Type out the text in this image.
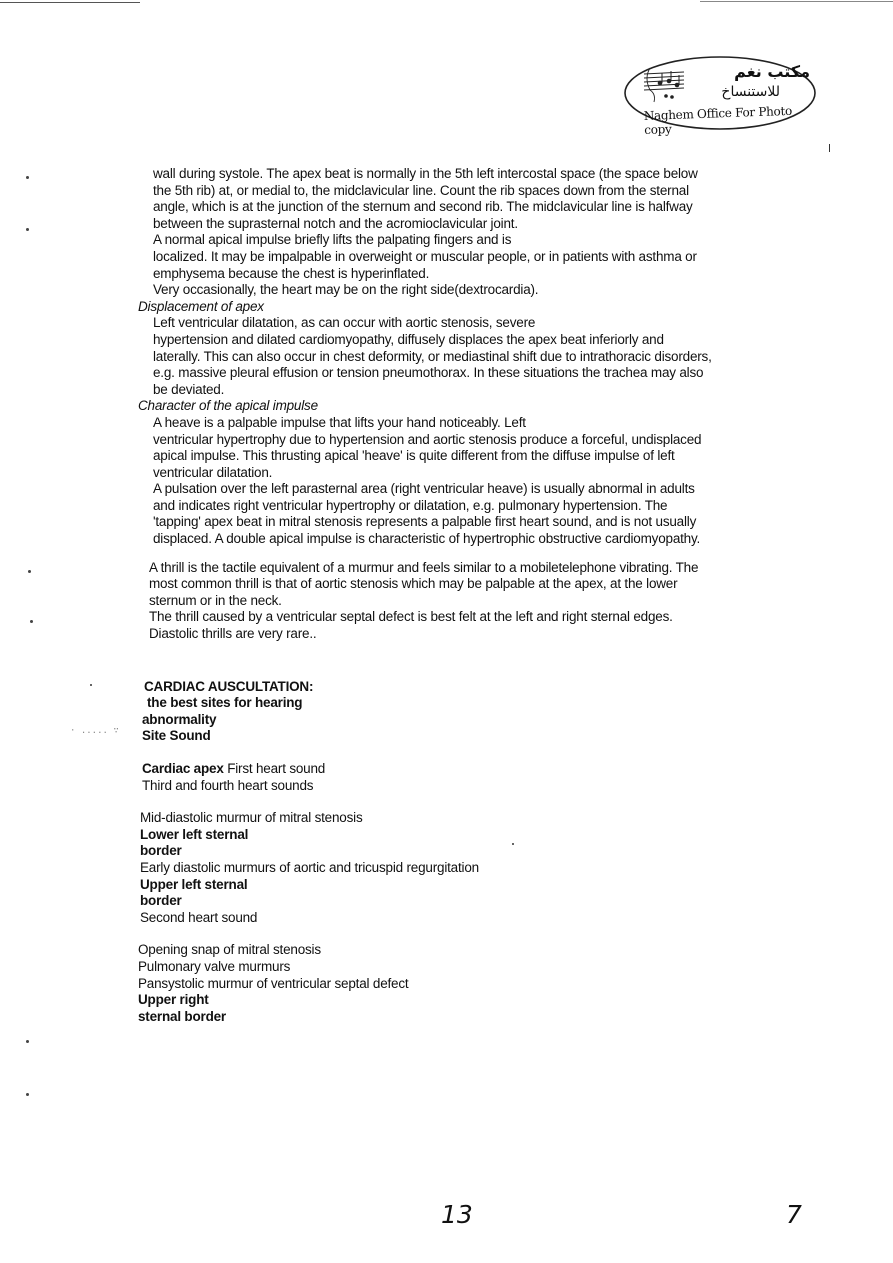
مكتب نغم
للاستنساخ
Naghem Office For Photo copy
· ..... ∵

wall during systole. The apex beat is normally in the 5th left intercostal space (the space below

the 5th rib) at, or medial to, the midclavicular line. Count the rib spaces down from the sternal

angle, which is at the junction of the sternum and second rib. The midclavicular line is halfway

between the suprasternal notch and the acromioclavicular joint.

A normal apical impulse briefly lifts the palpating fingers and is

localized. It may be impalpable in overweight or muscular people, or in patients with asthma or

emphysema because the chest is hyperinflated.

Very occasionally, the heart may be on the right side(dextrocardia).

Displacement of apex

Left ventricular dilatation, as can occur with aortic stenosis, severe

hypertension and dilated cardiomyopathy, diffusely displaces the apex beat inferiorly and

laterally. This can also occur in chest deformity, or mediastinal shift due to intrathoracic disorders,

e.g. massive pleural effusion or tension pneumothorax. In these situations the trachea may also

be deviated.

Character of the apical impulse

A heave is a palpable impulse that lifts your hand noticeably. Left

ventricular hypertrophy due to hypertension and aortic stenosis produce a forceful, undisplaced

apical impulse. This thrusting apical 'heave' is quite different from the diffuse impulse of left

ventricular dilatation.

A pulsation over the left parasternal area (right ventricular heave) is usually abnormal in adults

and indicates right ventricular hypertrophy or dilatation, e.g. pulmonary hypertension. The

'tapping' apex beat in mitral stenosis represents a palpable first heart sound, and is not usually

displaced. A double apical impulse is characteristic of hypertrophic obstructive cardiomyopathy.

A thrill is the tactile equivalent of a murmur and feels similar to a mobiletelephone vibrating. The

most common thrill is that of aortic stenosis which may be palpable at the apex, at the lower

sternum or in the neck.

The thrill caused by a ventricular septal defect is best felt at the left and right sternal edges.

Diastolic thrills are very rare..

CARDIAC AUSCULTATION:

the best sites for hearing

abnormality

Site Sound

Cardiac apex First heart sound

Third and fourth heart sounds

Mid-diastolic murmur of mitral stenosis

Lower left sternal

border

Early diastolic murmurs of aortic and tricuspid regurgitation

Upper left sternal

border

Second heart sound

Opening snap of mitral stenosis

Pulmonary valve murmurs

Pansystolic murmur of ventricular septal defect

Upper right

sternal border

13	7
